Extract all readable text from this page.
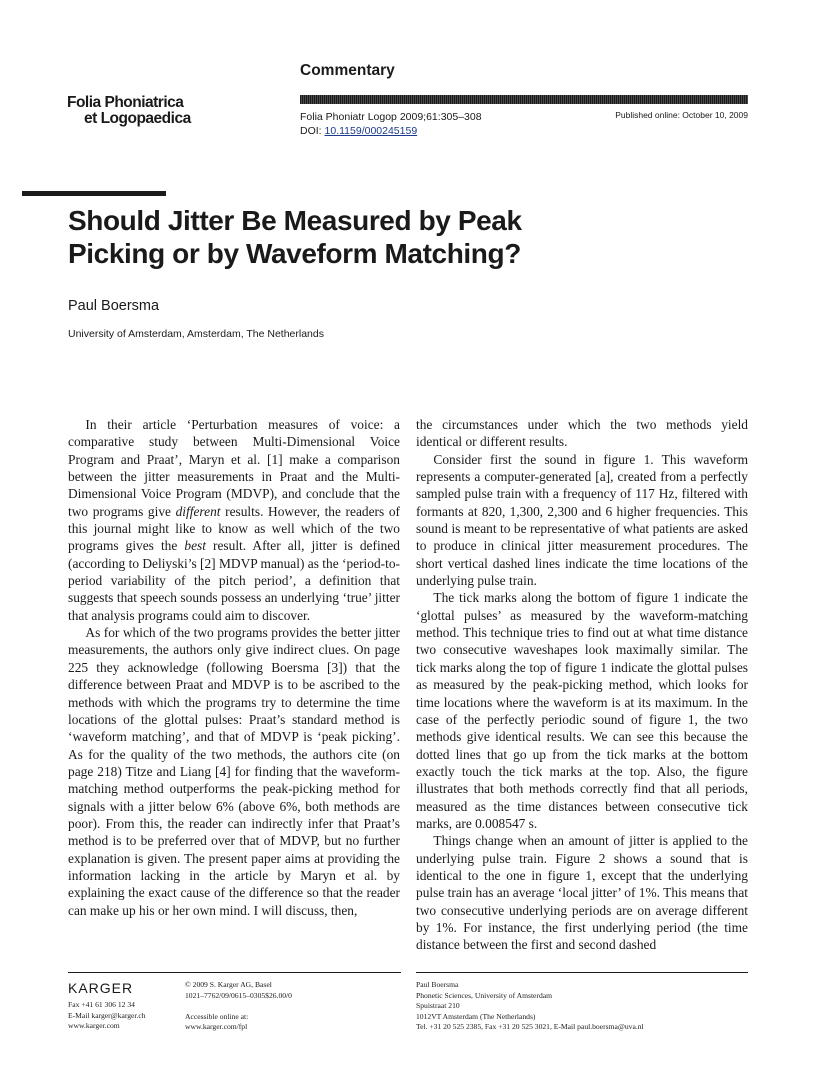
Commentary
Folia Phoniatrica
et Logopaedica	Folia Phoniatr Logop 2009;61:305–308
DOI: 10.1159/000245159
Published online: October 10, 2009
Should Jitter Be Measured by Peak
Picking or by Waveform Matching?
Paul Boersma
University of Amsterdam, Amsterdam, The Netherlands

In their article ‘Perturbation measures of voice: a comparative study between Multi-Dimensional Voice Program and Praat’, Maryn et al. [1] make a comparison between the jitter measurements in Praat and the Multi-Dimensional Voice Program (MDVP), and conclude that the two programs give different results. However, the readers of this journal might like to know as well which of the two programs gives the best result. After all, jitter is defined (according to Deliyski’s [2] MDVP manual) as the ‘period-to-period variability of the pitch period’, a definition that suggests that speech sounds possess an underlying ‘true’ jitter that analysis programs could aim to discover.

As for which of the two programs provides the better jitter measurements, the authors only give indirect clues. On page 225 they acknowledge (following Boersma [3]) that the difference between Praat and MDVP is to be ascribed to the methods with which the programs try to determine the time locations of the glottal pulses: Praat’s standard method is ‘waveform matching’, and that of MDVP is ‘peak picking’. As for the quality of the two methods, the authors cite (on page 218) Titze and Liang [4] for finding that the waveform-matching method outperforms the peak-picking method for signals with a jitter below 6% (above 6%, both methods are poor). From this, the reader can indirectly infer that Praat’s method is to be preferred over that of MDVP, but no further explanation is given. The present paper aims at providing the information lacking in the article by Maryn et al. by explaining the exact cause of the difference so that the reader can make up his or her own mind. I will discuss, then,

the circumstances under which the two methods yield identical or different results.

Consider first the sound in figure 1. This waveform represents a computer-generated [a], created from a perfectly sampled pulse train with a frequency of 117 Hz, filtered with formants at 820, 1,300, 2,300 and 6 higher frequencies. This sound is meant to be representative of what patients are asked to produce in clinical jitter measurement procedures. The short vertical dashed lines indicate the time locations of the underlying pulse train.

The tick marks along the bottom of figure 1 indicate the ‘glottal pulses’ as measured by the waveform-matching method. This technique tries to find out at what time distance two consecutive waveshapes look maximally similar. The tick marks along the top of figure 1 indicate the glottal pulses as measured by the peak-picking method, which looks for time locations where the waveform is at its maximum. In the case of the perfectly periodic sound of figure 1, the two methods give identical results. We can see this because the dotted lines that go up from the tick marks at the bottom exactly touch the tick marks at the top. Also, the figure illustrates that both methods correctly find that all periods, measured as the time distances between consecutive tick marks, are 0.008547 s.

Things change when an amount of jitter is applied to the underlying pulse train. Figure 2 shows a sound that is identical to the one in figure 1, except that the underlying pulse train has an average ‘local jitter’ of 1%. This means that two consecutive underlying periods are on average different by 1%. For instance, the first underlying period (the time distance between the first and second dashed

KARGER
Fax +41 61 306 12 34
E-Mail karger@karger.ch
www.karger.com
© 2009 S. Karger AG, Basel
1021–7762/09/0615–0305$26.00/0
Accessible online at:
www.karger.com/fpl
Paul Boersma
Phonetic Sciences, University of Amsterdam
Spuistraat 210
1012VT Amsterdam (The Netherlands)
Tel. +31 20 525 2385, Fax +31 20 525 3021, E-Mail paul.boersma@uva.nl
